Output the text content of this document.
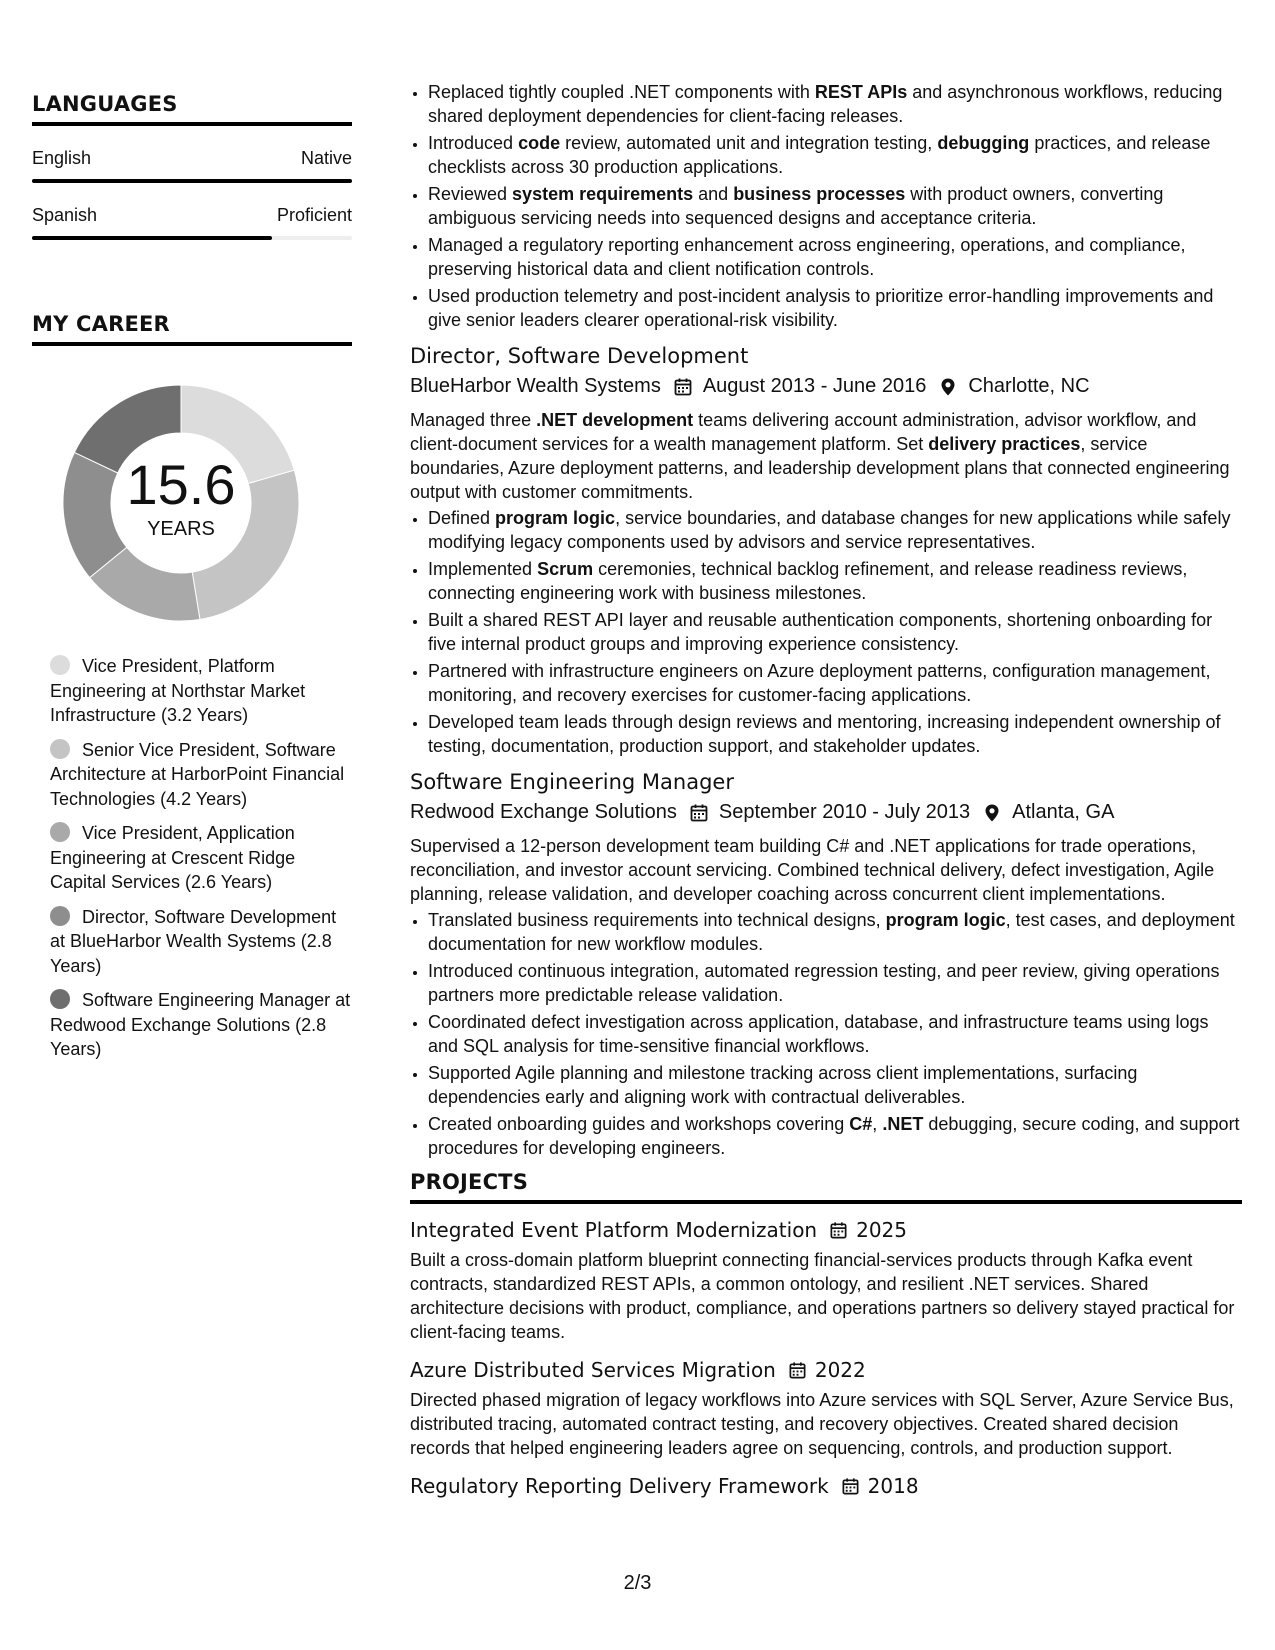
LANGUAGES
English	Native
Spanish	Proficient
MY CAREER
15.6
YEARS
Vice President, Platform Engineering at Northstar Market Infrastructure (3.2 Years)
Senior Vice President, Software Architecture at HarborPoint Financial Technologies (4.2 Years)
Vice President, Application Engineering at Crescent Ridge Capital Services (2.6 Years)
Director, Software Development at BlueHarbor Wealth Systems (2.8 Years)
Software Engineering Manager at Redwood Exchange Solutions (2.8 Years)
• Replaced tightly coupled .NET components with REST APIs and asynchronous workflows, reducing shared deployment dependencies for client-facing releases.
• Introduced code review, automated unit and integration testing, debugging practices, and release checklists across 30 production applications.
• Reviewed system requirements and business processes with product owners, converting ambiguous servicing needs into sequenced designs and acceptance criteria.
• Managed a regulatory reporting enhancement across engineering, operations, and compliance, preserving historical data and client notification controls.
• Used production telemetry and post-incident analysis to prioritize error-handling improvements and give senior leaders clearer operational-risk visibility.
Director, Software Development
BlueHarbor Wealth Systems August 2013 - June 2016 Charlotte, NC
Managed three .NET development teams delivering account administration, advisor workflow, and client-document services for a wealth management platform. Set delivery practices, service boundaries, Azure deployment patterns, and leadership development plans that connected engineering output with customer commitments.
• Defined program logic, service boundaries, and database changes for new applications while safely modifying legacy components used by advisors and service representatives.
• Implemented Scrum ceremonies, technical backlog refinement, and release readiness reviews, connecting engineering work with business milestones.
• Built a shared REST API layer and reusable authentication components, shortening onboarding for five internal product groups and improving experience consistency.
• Partnered with infrastructure engineers on Azure deployment patterns, configuration management, monitoring, and recovery exercises for customer-facing applications.
• Developed team leads through design reviews and mentoring, increasing independent ownership of testing, documentation, production support, and stakeholder updates.
Software Engineering Manager
Redwood Exchange Solutions September 2010 - July 2013 Atlanta, GA
Supervised a 12-person development team building C# and .NET applications for trade operations, reconciliation, and investor account servicing. Combined technical delivery, defect investigation, Agile planning, release validation, and developer coaching across concurrent client implementations.
• Translated business requirements into technical designs, program logic, test cases, and deployment documentation for new workflow modules.
• Introduced continuous integration, automated regression testing, and peer review, giving operations partners more predictable release validation.
• Coordinated defect investigation across application, database, and infrastructure teams using logs and SQL analysis for time-sensitive financial workflows.
• Supported Agile planning and milestone tracking across client implementations, surfacing dependencies early and aligning work with contractual deliverables.
• Created onboarding guides and workshops covering C#, .NET debugging, secure coding, and support procedures for developing engineers.
PROJECTS
Integrated Event Platform Modernization 2025
Built a cross-domain platform blueprint connecting financial-services products through Kafka event contracts, standardized REST APIs, a common ontology, and resilient .NET services. Shared architecture decisions with product, compliance, and operations partners so delivery stayed practical for client-facing teams.
Azure Distributed Services Migration 2022
Directed phased migration of legacy workflows into Azure services with SQL Server, Azure Service Bus, distributed tracing, automated contract testing, and recovery objectives. Created shared decision records that helped engineering leaders agree on sequencing, controls, and production support.
Regulatory Reporting Delivery Framework 2018
2/3
